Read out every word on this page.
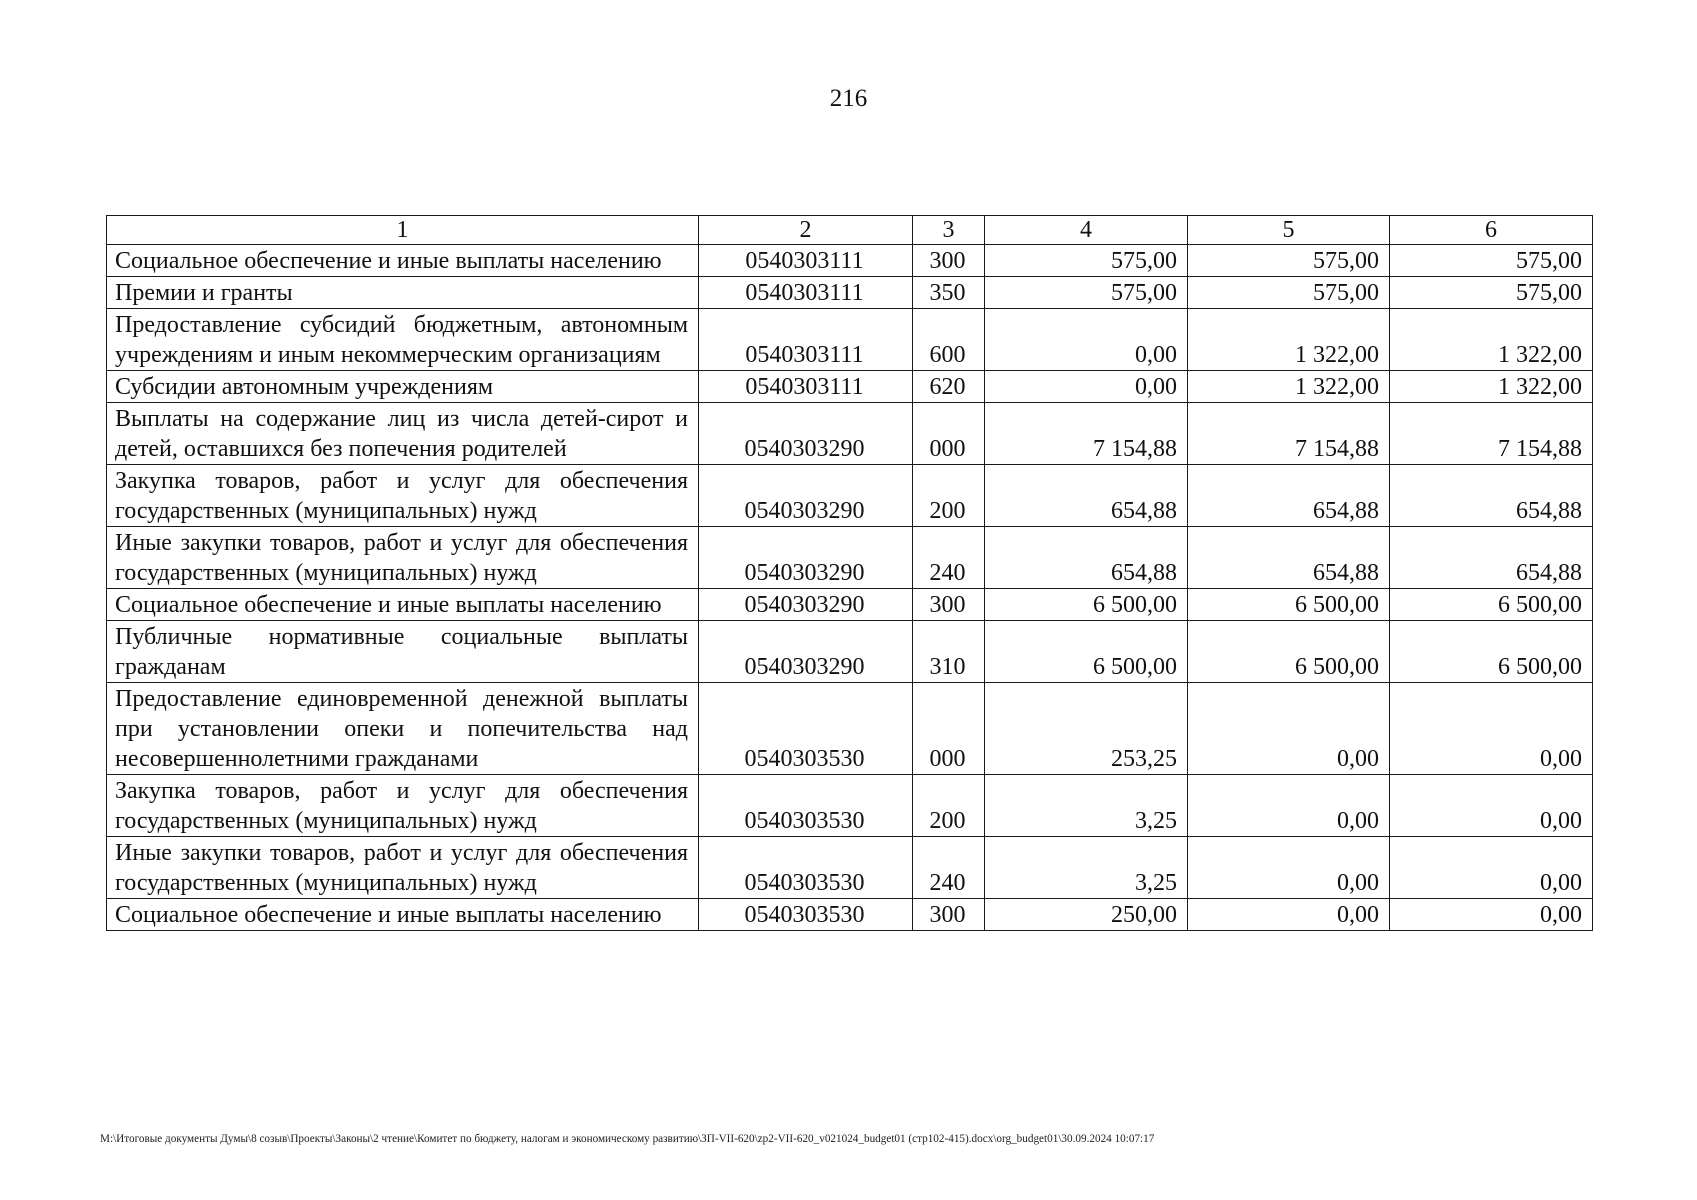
216
1	2	3	4	5	6
Социальное обеспечение и иные выплаты населению	0540303111	300	575,00	575,00	575,00
Премии и гранты	0540303111	350	575,00	575,00	575,00
Предоставление субсидий бюджетным, автономным учреждениям и иным некоммерческим организациям	0540303111	600	0,00	1 322,00	1 322,00
Субсидии автономным учреждениям	0540303111	620	0,00	1 322,00	1 322,00
Выплаты на содержание лиц из числа детей-сирот и детей, оставшихся без попечения родителей	0540303290	000	7 154,88	7 154,88	7 154,88
Закупка товаров, работ и услуг для обеспечения государственных (муниципальных) нужд	0540303290	200	654,88	654,88	654,88
Иные закупки товаров, работ и услуг для обеспечения государственных (муниципальных) нужд	0540303290	240	654,88	654,88	654,88
Социальное обеспечение и иные выплаты населению	0540303290	300	6 500,00	6 500,00	6 500,00
Публичные нормативные социальные выплаты гражданам	0540303290	310	6 500,00	6 500,00	6 500,00
Предоставление единовременной денежной выплаты при установлении опеки и попечительства над несовершеннолетними гражданами	0540303530	000	253,25	0,00	0,00
Закупка товаров, работ и услуг для обеспечения государственных (муниципальных) нужд	0540303530	200	3,25	0,00	0,00
Иные закупки товаров, работ и услуг для обеспечения государственных (муниципальных) нужд	0540303530	240	3,25	0,00	0,00
Социальное обеспечение и иные выплаты населению	0540303530	300	250,00	0,00	0,00
M:\Итоговые документы Думы\8 созыв\Проекты\Законы\2 чтение\Комитет по бюджету, налогам и экономическому развитию\ЗП-VII-620\zp2-VII-620_v021024_budget01 (стр102-415).docx\org_budget01\30.09.2024 10:07:17
